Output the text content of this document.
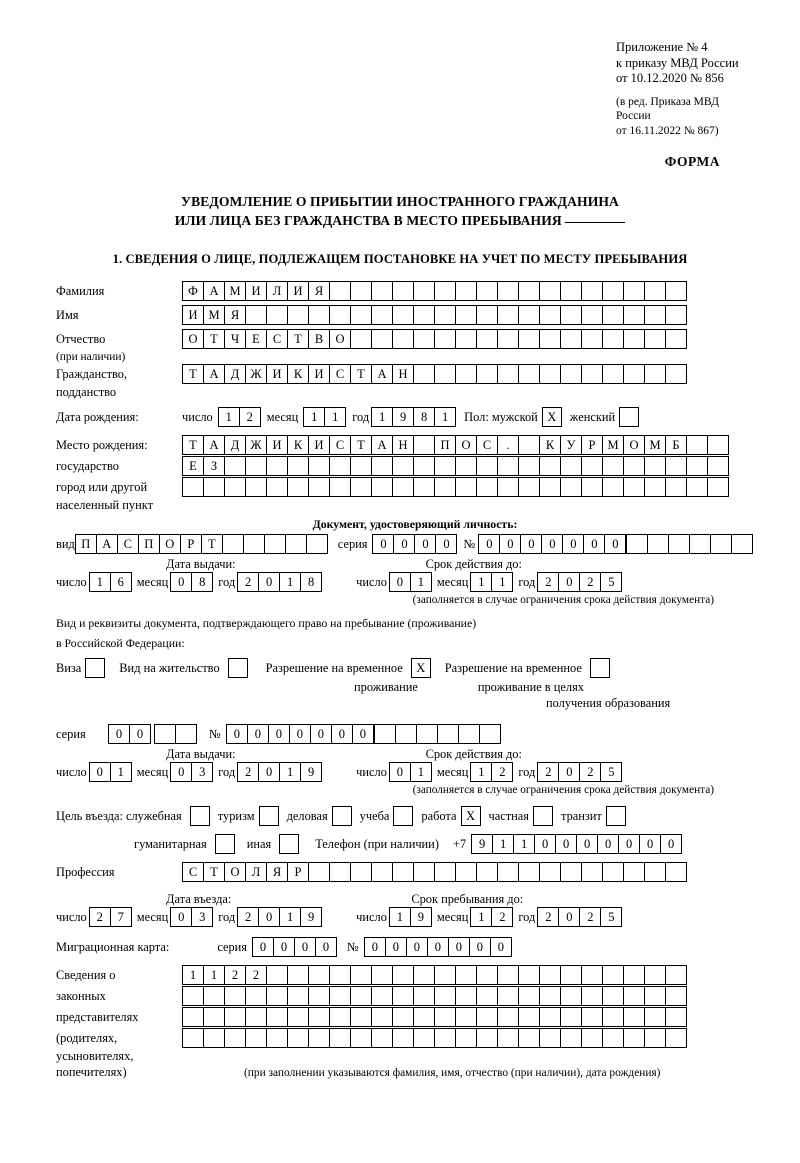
Приложение № 4
к приказу МВД России
от 10.12.2020 № 856
(в ред. Приказа МВД России
от 16.11.2022 № 867)
ФОРМА
УВЕДОМЛЕНИЕ О ПРИБЫТИИ ИНОСТРАННОГО ГРАЖДАНИНА
ИЛИ ЛИЦА БЕЗ ГРАЖДАНСТВА В МЕСТО ПРЕБЫВАНИЯ
1. СВЕДЕНИЯ О ЛИЦЕ, ПОДЛЕЖАЩЕМ ПОСТАНОВКЕ НА УЧЕТ ПО МЕСТУ ПРЕБЫВАНИЯ
Фамилия	Ф А М И Л И Я
Имя	И М Я
Отчество	О	Т	Ч	Е	С	Т	В О
(при наличии)
Гражданство,	Т	А Д Ж И К И С	Т	А Н
подданство
Дата рождения:	число	1	2	месяц	1	1	год 1	9	8	1	Пол: мужской X	женский
Место рождения:	Т	А Д Ж И К И С	Т	А Н	П О С	.	К У	Р М О М Б
государство	Е	З
город или другой
населенный пункт
Документ, удостоверяющий личность:
вид П А С П О	Р	Т	серия	0	0	0	0	№ 0	0	0	0	0	0	0
Дата выдачи:	Срок действия до:
число 1	6	месяц 0	8	год 2	0	1	8	число 0	1	месяц 1	1	год 2	0	2	5
(заполняется в случае ограничения срока действия документа)
Вид и реквизиты документа, подтверждающего право на пребывание (проживание)
в Российской Федерации:
Виза	Вид на жительство	Разрешение на временное	X	Разрешение на временное
проживание	проживание в целях
получения образования
серия	0	0	№	0	0	0	0	0	0	0
Дата выдачи:	Срок действия до:
число 0	1	месяц 0	3	год 2	0	1	9	число 0	1	месяц 1	2	год 2	0	2	5
(заполняется в случае ограничения срока действия документа)
Цель въезда: служебная	туризм	деловая	учеба	работа X	частная	транзит
гуманитарная	иная	Телефон (при наличии) +7	9	1	1	0	0	0	0	0	0	0
Профессия	С	Т	О Л	Я	Р
Дата въезда:	Срок пребывания до:
число 2	7	месяц 0	3	год 2	0	1	9	число 1	9	месяц 1	2	год 2	0	2	5
Миграционная карта:	серия	0	0	0	0	№	0	0	0	0	0	0	0
Сведения о	1	1	2	2
законных
представителях
(родителях,
усыновителях,
попечителях)	(при заполнении указываются фамилия, имя, отчество (при наличии), дата рождения)
